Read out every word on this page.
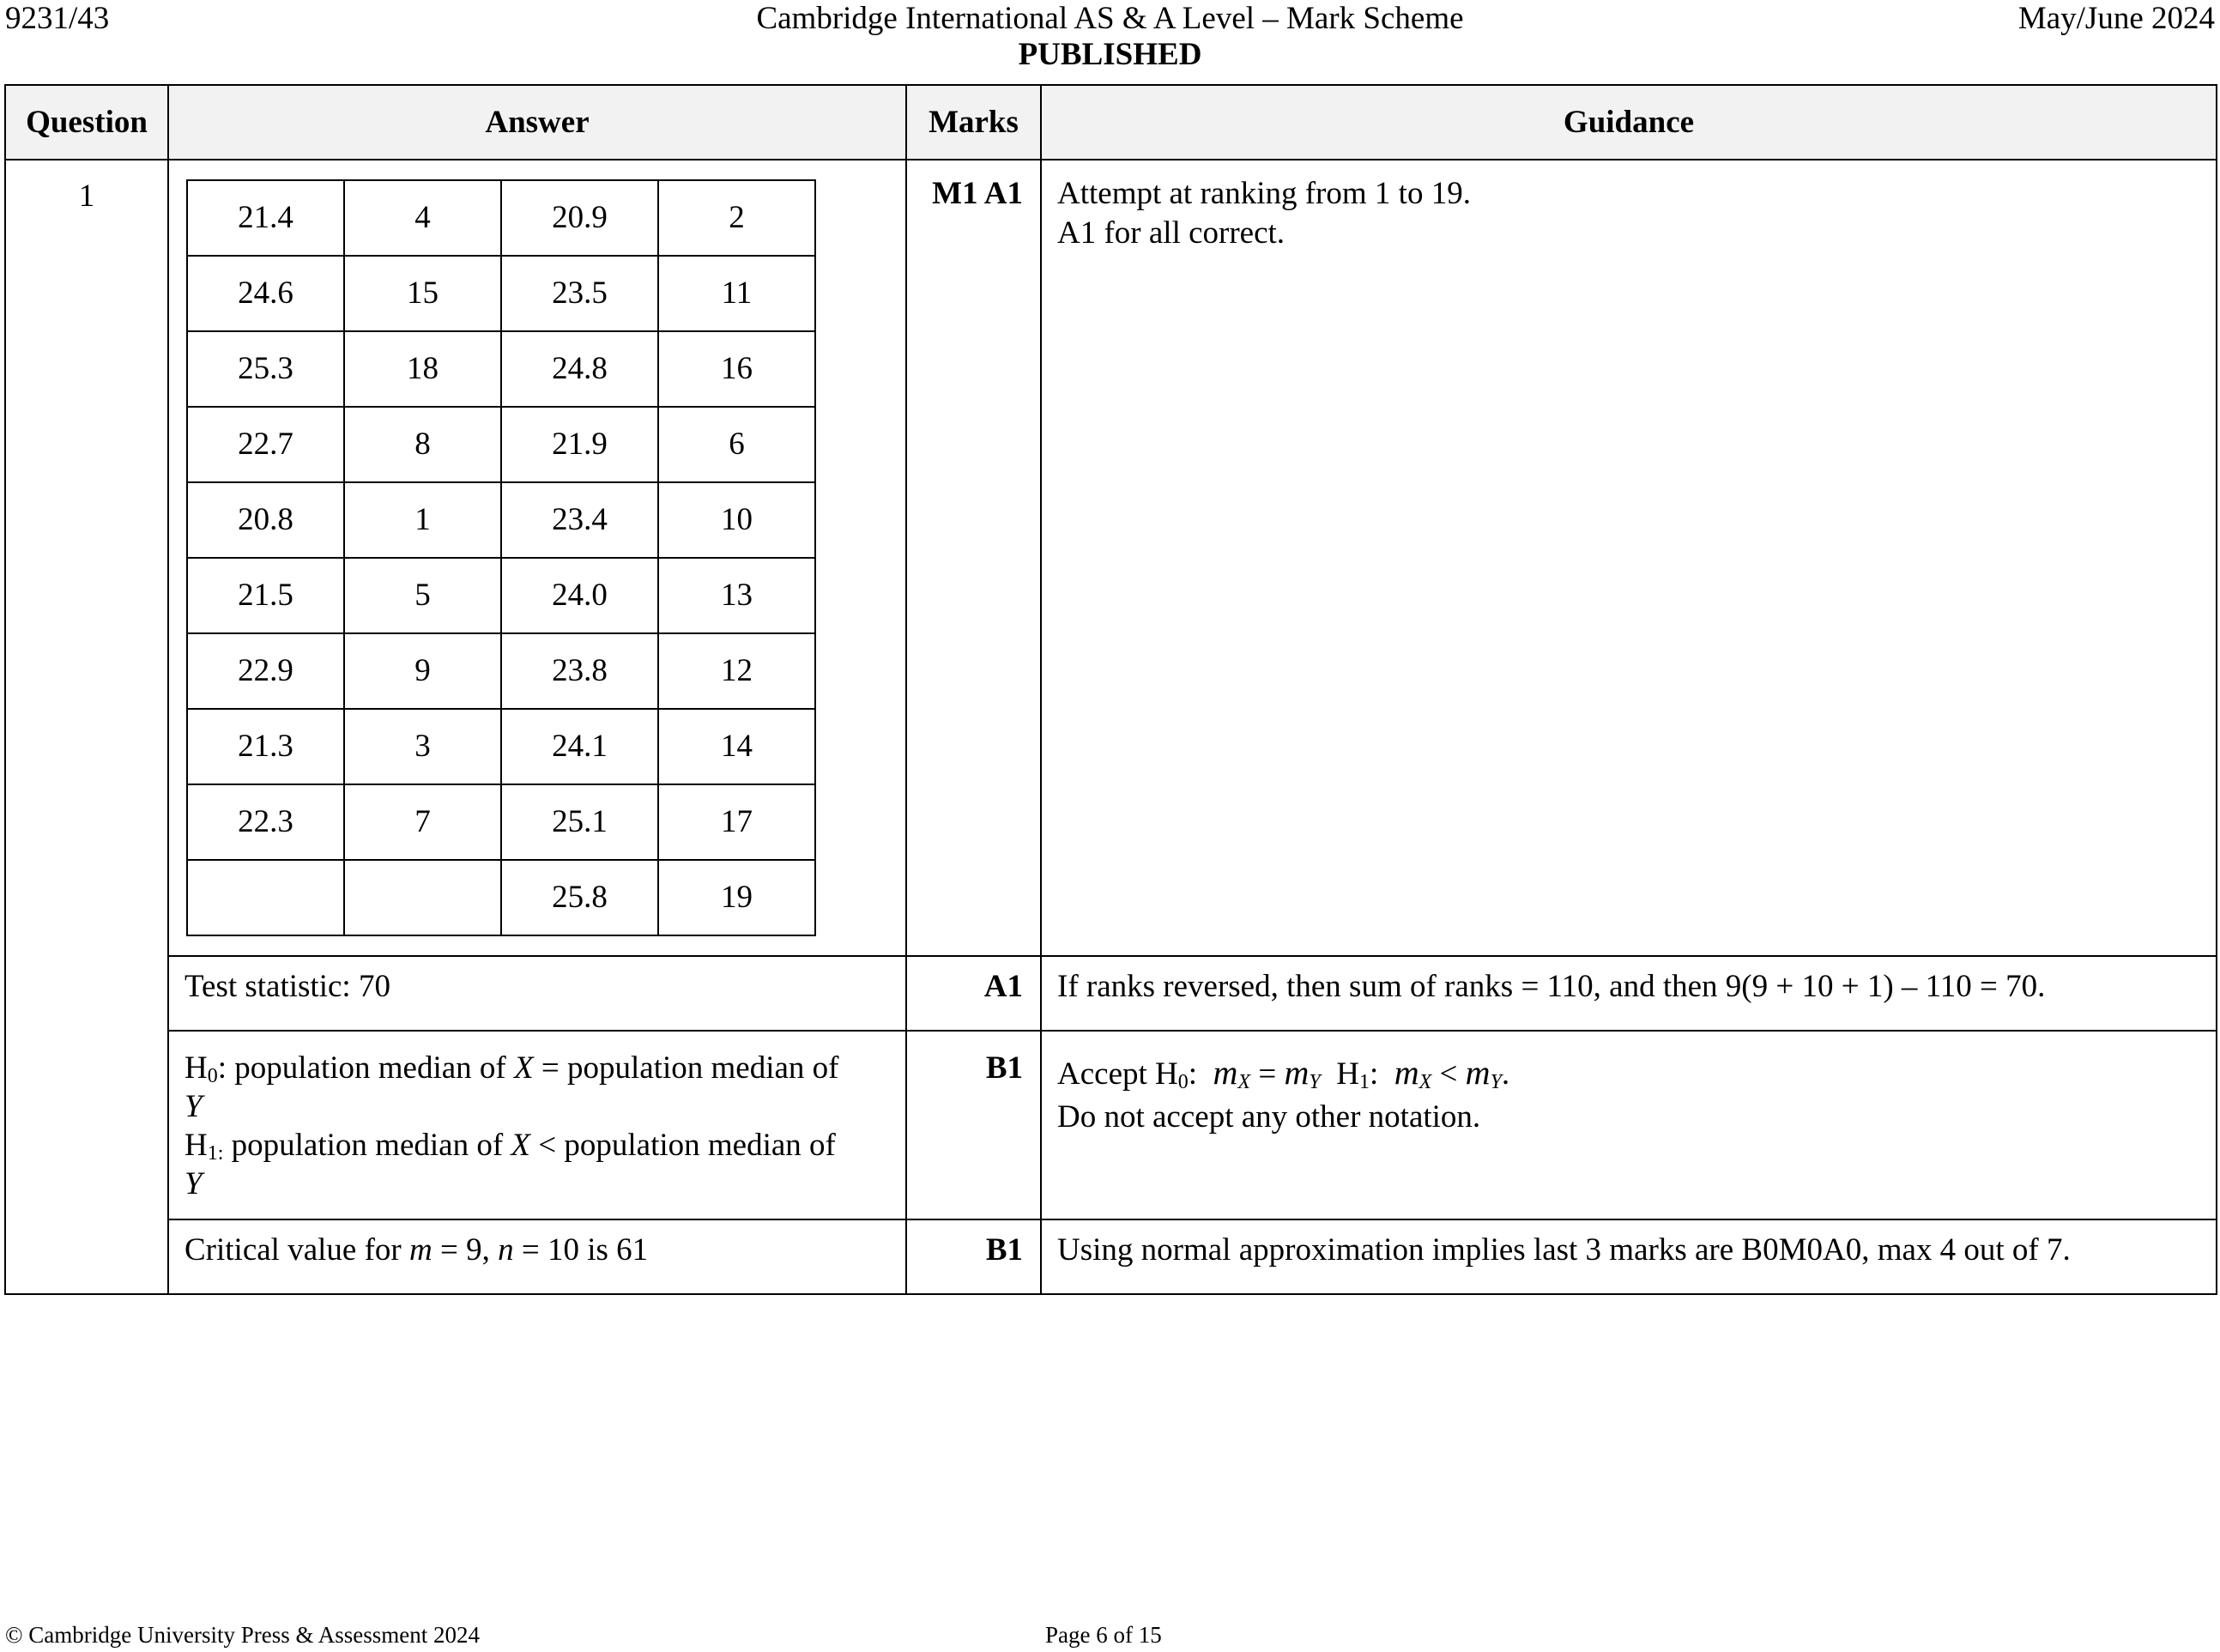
9231/43	Cambridge International AS & A Level – Mark Scheme	May/June 2024
PUBLISHED
Question	Answer	Marks	Guidance
1	
21.4	4	20.9	2
24.6	15	23.5	11
25.3	18	24.8	16
22.7	8	21.9	6
20.8	1	23.4	10
21.5	5	24.0	13
22.9	9	23.8	12
21.3	3	24.1	14
22.3	7	25.1	17
		25.8	19
	M1 A1	Attempt at ranking from 1 to 19.
A1 for all correct.

Test statistic: 70	A1	If ranks reversed, then sum of ranks = 110, and then 9(9 + 10 + 1) – 110 = 70.

$H_0$: population median of X = population median of
Y
$H_{1:}$ population median of X < population median of
Y
	B1	Accept $H_0$: $m_X = m_Y$ $H_1$: $m_X < m_Y$.
Do not accept any other notation.

Critical value for m = 9, n = 10 is 61	B1	Using normal approximation implies last 3 marks are B0M0A0, max 4 out of 7.
© Cambridge University Press & Assessment 2024	Page 6 of 15
